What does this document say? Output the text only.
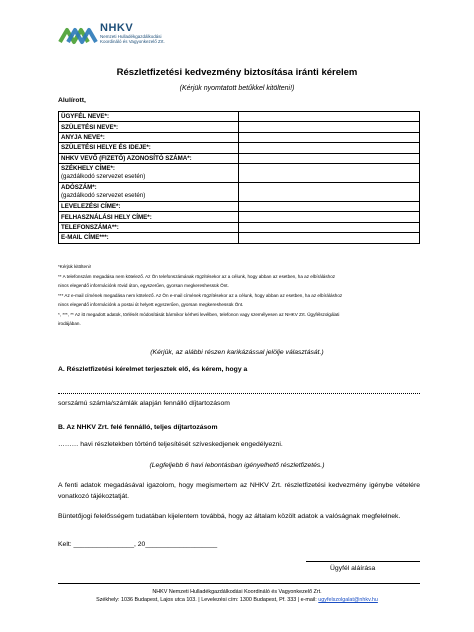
NHKV
Nemzeti Hulladékgazdálkodási
Koordináló és Vagyonkezelő Zrt.
Részletfizetési kedvezmény biztosítása iránti kérelem
(Kérjük nyomtatott betűkkel kitölteni!)
Alulírott,
ÜGYFÉL NEVE*:	
SZÜLETÉSI NEVE*:	
ANYJA NEVE*:	
SZÜLETÉSI HELYE ÉS IDEJE*:	
NHKV VEVŐ (FIZETŐ) AZONOSÍTÓ SZÁMA*:	
SZÉKHELY CÍME*:
(gazdálkodó szervezet esetén)	
ADÓSZÁM*:
(gazdálkodó szervezet esetén)	
LEVELEZÉSI CÍME*:	
FELHASZNÁLÁSI HELY CÍME*:	
TELEFONSZÁMA**:	
E-MAIL CÍME***:	
*Kérjük kitölteni!
** A telefonszám megadása nem kötelező. Az Ön telefonszámának rögzítésekor az a célunk, hogy abban az esetben, ha az elbíráláshoz
nincs elegendő információnk rövid úton, egyszerűen, gyorsan megkereshessük Önt.
*** Az e-mail címének megadása nem kötelező. Az Ön e-mail címének rögzítésekor az a célunk, hogy abban az esetben, ha az elbíráláshoz
nincs elegendő információnk a postai út helyett egyszerűen, gyorsan megkereshessük Önt.
*, ***, ** Az itt megadott adatok, törlését módosítását bármikor kérheti levélben, telefonon vagy személyesen az NHKV Zrt. Ügyfélszolgálati
irodájában.
(Kérjük, az alábbi részen karikázással jelölje választását.)
A. Részletfizetési kérelmet terjesztek elő, és kérem, hogy a
sorszámú számla/számlák alapján fennálló díjtartozásom
B. Az NHKV Zrt. felé fennálló, teljes díjtartozásom
……… havi részletekben történő teljesítését szíveskedjenek engedélyezni.
(Legfeljebb 6 havi lebontásban igényelhető részletfizetés.)
A fenti adatok megadásával igazolom, hogy megismertem az NHKV Zrt. részletfizetési kedvezmény igénybe vételére vonatkozó tájékoztatját.
Büntetőjogi felelősségem tudatában kijelentem továbbá, hogy az általam közölt adatok a valóságnak megfelelnek.
Kelt: ________________, 20___________________
Ügyfél aláírása
NHKV Nemzeti Hulladékgazdálkodási Koordináló és Vagyonkezelő Zrt.
Székhely: 1036 Budapest, Lajos utca 103. | Levelezési cím: 1300 Budapest, Pf. 333 | e-mail: ugyfelszolgalat@nhkv.hu
